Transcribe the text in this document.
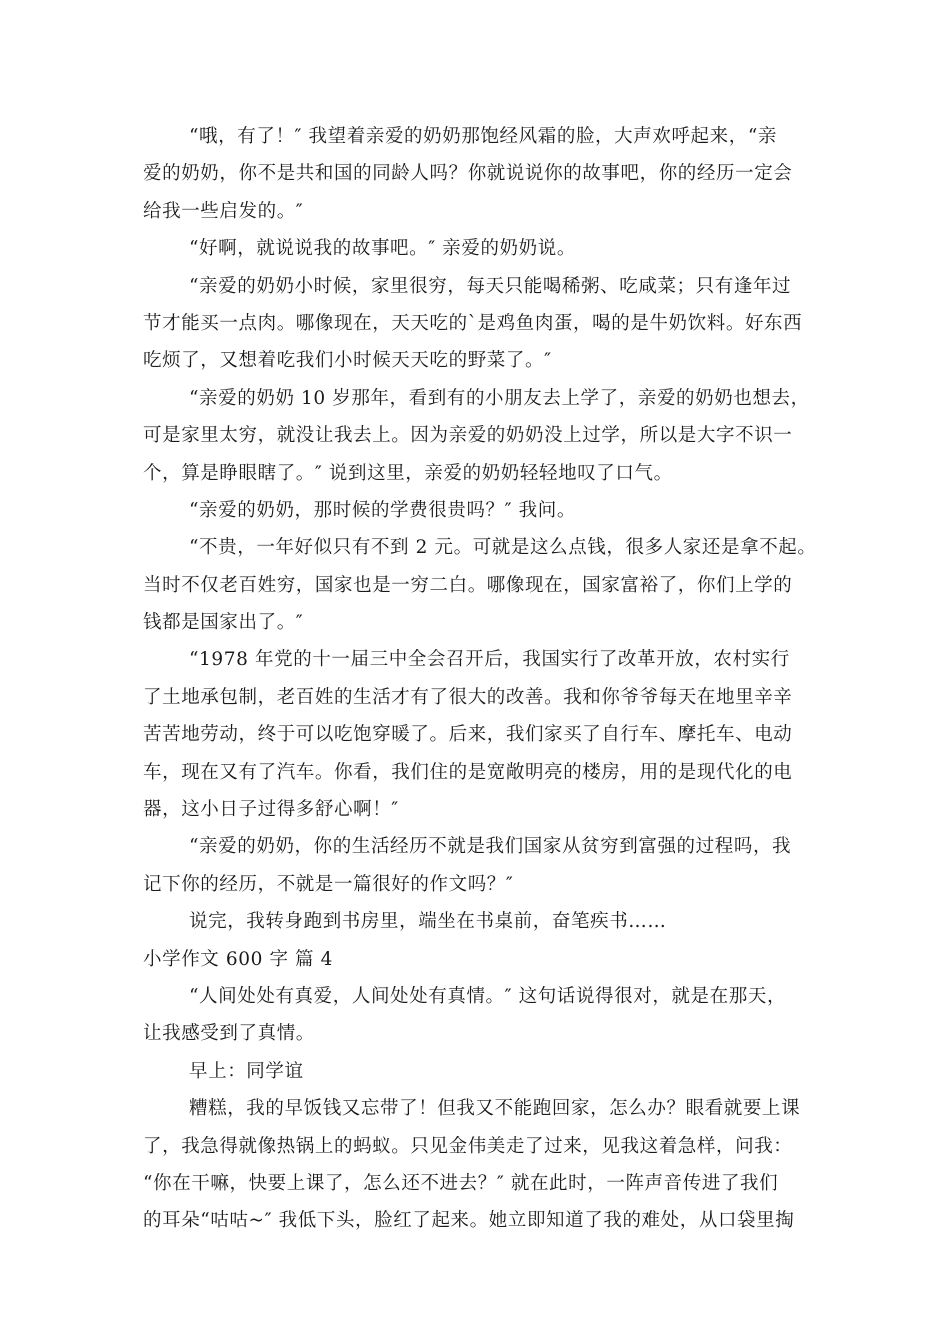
“哦，有了！″ 我望着亲爱的奶奶那饱经风霜的脸，大声欢呼起来，“亲
爱的奶奶，你不是共和国的同龄人吗？你就说说你的故事吧，你的经历一定会
给我一些启发的。″
“好啊，就说说我的故事吧。″ 亲爱的奶奶说。
“亲爱的奶奶小时候，家里很穷，每天只能喝稀粥、吃咸菜；只有逢年过
节才能买一点肉。哪像现在，天天吃的`是鸡鱼肉蛋，喝的是牛奶饮料。好东西
吃烦了，又想着吃我们小时候天天吃的野菜了。″
“亲爱的奶奶 10 岁那年，看到有的小朋友去上学了，亲爱的奶奶也想去，
可是家里太穷，就没让我去上。因为亲爱的奶奶没上过学，所以是大字不识一
个，算是睁眼瞎了。″ 说到这里，亲爱的奶奶轻轻地叹了口气。
“亲爱的奶奶，那时候的学费很贵吗？″ 我问。
“不贵，一年好似只有不到 2 元。可就是这么点钱，很多人家还是拿不起。
当时不仅老百姓穷，国家也是一穷二白。哪像现在，国家富裕了，你们上学的
钱都是国家出了。″
“1978 年党的十一届三中全会召开后，我国实行了改革开放，农村实行
了土地承包制，老百姓的生活才有了很大的改善。我和你爷爷每天在地里辛辛
苦苦地劳动，终于可以吃饱穿暖了。后来，我们家买了自行车、摩托车、电动
车，现在又有了汽车。你看，我们住的是宽敞明亮的楼房，用的是现代化的电
器，这小日子过得多舒心啊！″
“亲爱的奶奶，你的生活经历不就是我们国家从贫穷到富强的过程吗，我
记下你的经历，不就是一篇很好的作文吗？″
说完，我转身跑到书房里，端坐在书桌前，奋笔疾书……
小学作文 600 字 篇 4
“人间处处有真爱，人间处处有真情。″ 这句话说得很对，就是在那天，
让我感受到了真情。
早上：同学谊
糟糕，我的早饭钱又忘带了！但我又不能跑回家，怎么办？眼看就要上课
了，我急得就像热锅上的蚂蚁。只见金伟美走了过来，见我这着急样，问我：
“你在干嘛，快要上课了，怎么还不进去？″ 就在此时，一阵声音传进了我们
的耳朵“咕咕~″ 我低下头，脸红了起来。她立即知道了我的难处，从口袋里掏
